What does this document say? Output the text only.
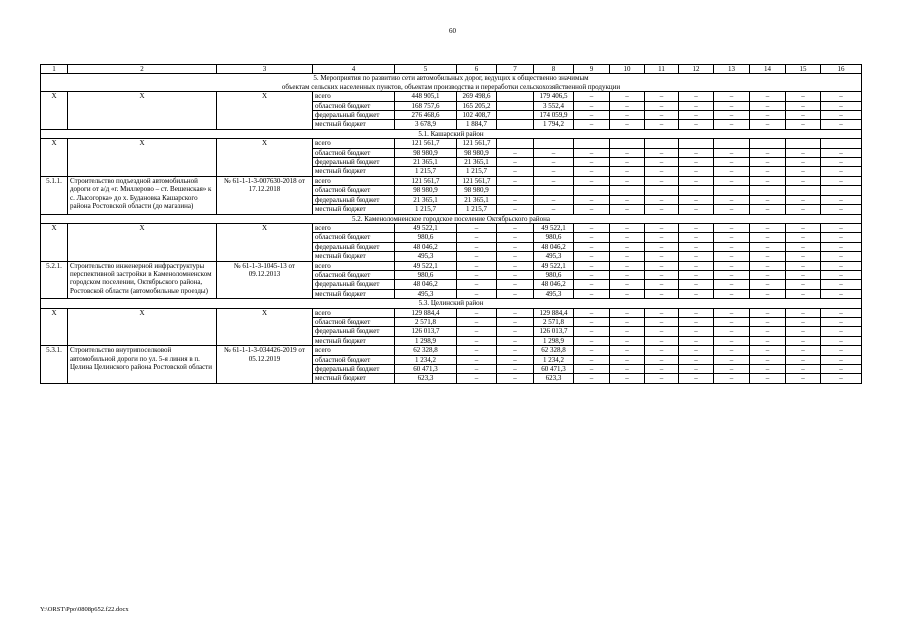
60
1	2	3	4	5	6	7	8	9	10	11	12	13	14	15	16

5. Мероприятия по развитию сети автомобильных дорог, ведущих к общественно значимым
объектам сельских населенных пунктов, объектам производства и переработки сельскохозяйственной продукции															

Х	Х	Х	всего	448 905,1	269 498,6		179 406,5	–	–	–	–	–	–	–	–
			областной бюджет	168 757,6	165 205,2		3 552,4	–	–	–	–	–	–	–	–
			федеральный бюджет	276 468,6	102 408,7		174 059,9	–	–	–	–	–	–	–	–
			местный бюджет	3 678,9	1 884,7		1 794,2	–	–	–	–	–	–	–	–
5.1. Кашарский район															
Х	Х	Х	всего	121 561,7	121 561,7										
			областной бюджет	98 980,9	98 980,9	–	–	–	–	–	–	–	–	–	–
			федеральный бюджет	21 365,1	21 365,1	–	–	–	–	–	–	–	–	–	–
			местный бюджет	1 215,7	1 215,7	–	–	–	–	–	–	–	–	–	–
5.1.1.	Строительство подъездной автомобильной дороги от а/д «г. Миллерово – ст. Вешенская» к с. Лысогорка» до х. Будановка Кашарского района Ростовской области (до магазина)	№ 61-1-1-3-007630-2018 от 17.12.2018	всего	121 561,7	121 561,7	–	–	–	–	–	–	–	–	–	–
			областной бюджет	98 980,9	98 980,9										
			федеральный бюджет	21 365,1	21 365,1	–	–	–	–	–	–	–	–	–	–
			местный бюджет	1 215,7	1 215,7	–	–	–	–	–	–	–	–	–	–
5.2. Каменоломненское городское поселение Октябрьского района															
Х	Х	Х	всего	49 522,1	–	–	49 522,1	–	–	–	–	–	–	–	–
			областной бюджет	980,6	–	–	980,6	–	–	–	–	–	–	–	–
			федеральный бюджет	48 046,2	–	–	48 046,2	–	–	–	–	–	–	–	–
			местный бюджет	495,3	–	–	495,3	–	–	–	–	–	–	–	–
5.2.1.	Строительство инженерной инфраструктуры перспективной застройки в Каменоломненском городском поселении, Октябрьского района, Ростовской области (автомобильные проезды)	№ 61-1-3-1045-13 от 09.12.2013	всего	49 522,1	–	–	49 522,1	–	–	–	–	–	–	–	–
			областной бюджет	980,6	–	–	980,6	–	–	–	–	–	–	–	–
			федеральный бюджет	48 046,2	–	–	48 046,2	–	–	–	–	–	–	–	–
			местный бюджет	495,3	–	–	495,3	–	–	–	–	–	–	–	–
5.3. Целинский район															
Х	Х	Х	всего	129 884,4	–	–	129 884,4	–	–	–	–	–	–	–	–
			областной бюджет	2 571,8	–	–	2 571,8	–	–	–	–	–	–	–	–
			федеральный бюджет	126 013,7	–	–	126 013,7	–	–	–	–	–	–	–	–
			местный бюджет	1 298,9	–	–	1 298,9	–	–	–	–	–	–	–	–
5.3.1.	Строительство внутрипоселковой автомобильной дороги по ул. 5-я линия в п. Целина Целинского района Ростовской области	№ 61-1-1-3-034426-2019 от 05.12.2019	всего	62 328,8	–	–	62 328,8	–	–	–	–	–	–	–	–
			областной бюджет	1 234,2	–	–	1 234,2	–	–	–	–	–	–	–	–
			федеральный бюджет	60 471,3	–	–	60 471,3	–	–	–	–	–	–	–	–
			местный бюджет	623,3	–	–	623,3	–	–	–	–	–	–	–	–
Y:\ORST\Ppo\0808p652.f22.docx
